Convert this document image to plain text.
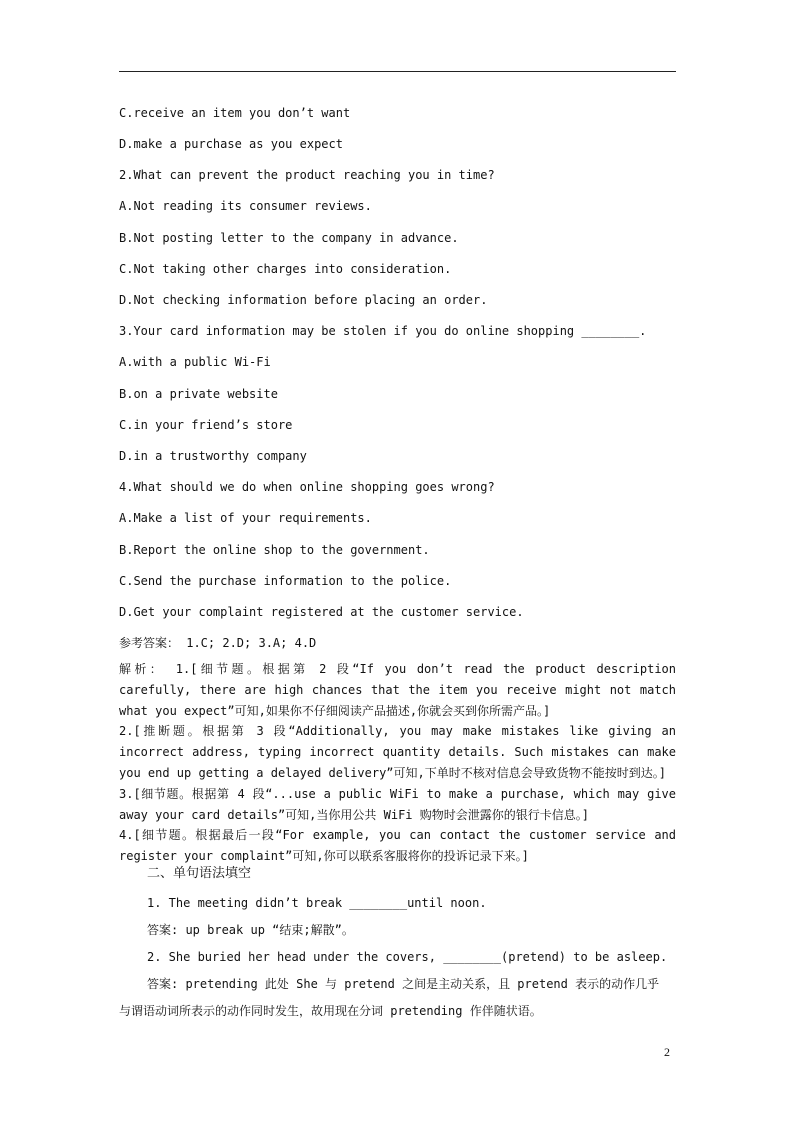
C.receive an item you don’t want
D.make a purchase as you expect
2.What can prevent the product reaching you in time?
A.Not reading its consumer reviews.
B.Not posting letter to the company in advance.
C.Not taking other charges into consideration.
D.Not checking information before placing an order.
3.Your card information may be stolen if you do online shopping ________.
A.with a public Wi-Fi
B.on a private website
C.in your friend’s store
D.in a trustworthy company
4.What should we do when online shopping goes wrong?
A.Make a list of your requirements.
B.Report the online shop to the government.
C.Send the purchase information to the police.
D.Get your complaint registered at the customer service.
参考答案： 1.C; 2.D; 3.A; 4.D

解析： 1.[细节题。根据第 2 段“If you don’t read the product description carefully, there are high chances that the item you receive might not match what you expect”可知,如果你不仔细阅读产品描述,你就会买到你所需产品。]

2.[推断题。根据第 3 段“Additionally, you may make mistakes like giving an incorrect address, typing incorrect quantity details. Such mistakes can make you end up getting a delayed delivery”可知,下单时不核对信息会导致货物不能按时到达。]

3.[细节题。根据第 4 段“...use a public WiFi to make a purchase, which may give away your card details”可知,当你用公共 WiFi 购物时会泄露你的银行卡信息。]

4.[细节题。根据最后一段“For example, you can contact the customer service and register your complaint”可知,你可以联系客服将你的投诉记录下来。]

二、单句语法填空
1. The meeting didn’t break ________until noon.
答案: up break up “结束;解散”。
2. She buried her head under the covers, ________(pretend) to be asleep.
答案: pretending 此处 She 与 pretend 之间是主动关系，且 pretend 表示的动作几乎
与谓语动词所表示的动作同时发生，故用现在分词 pretending 作伴随状语。
2
